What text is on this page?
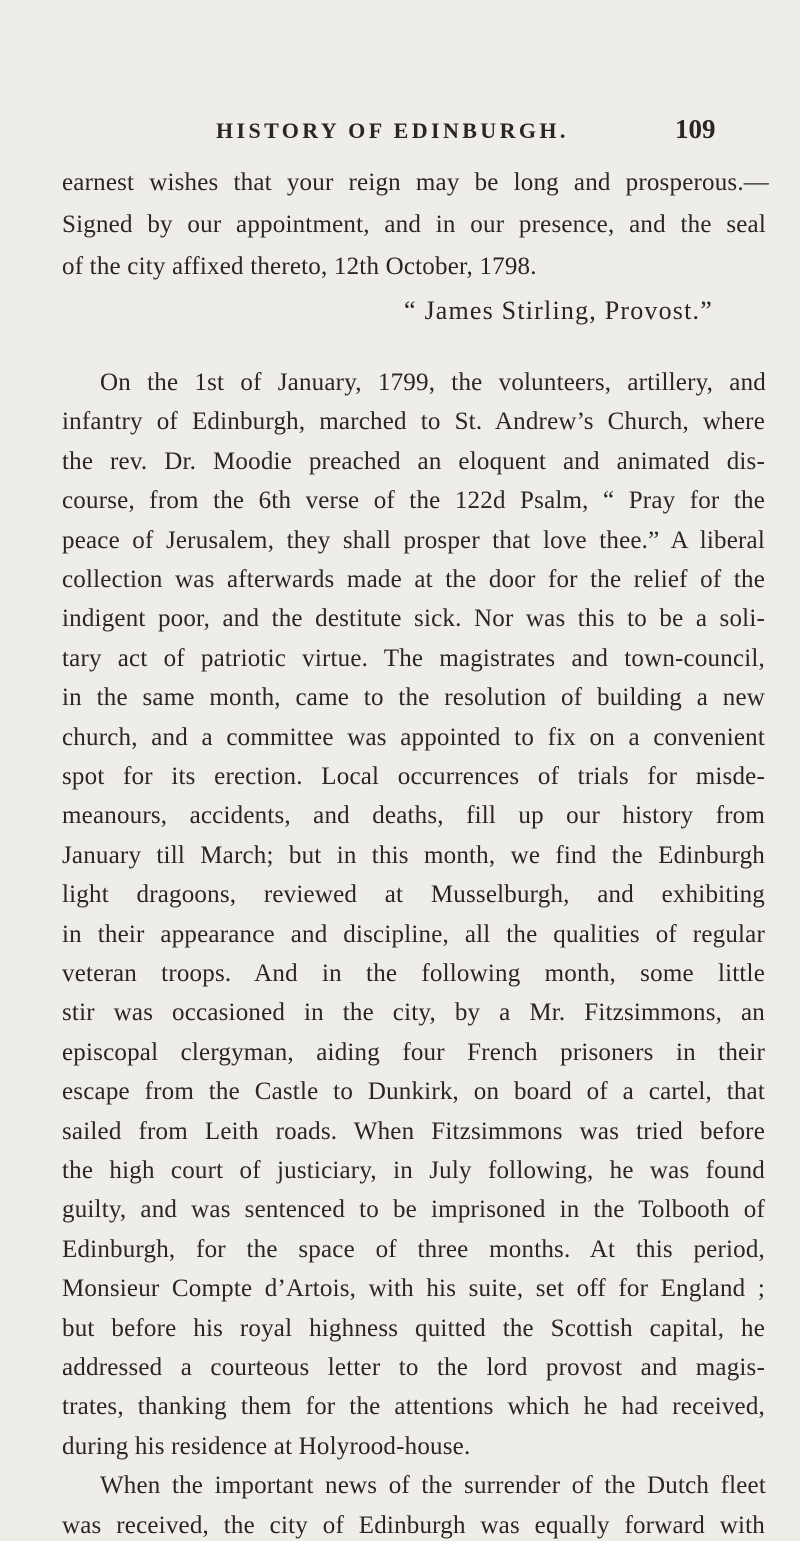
HISTORY OF EDINBURGH.	109
earnest wishes that your reign may be long and prosperous.—
Signed by our appointment, and in our presence, and the seal
of the city affixed thereto, 12th October, 1798.
“ James Stirling, Provost.”
On the 1st of January, 1799, the volunteers, artillery, and
infantry of Edinburgh, marched to St. Andrew’s Church, where
the rev. Dr. Moodie preached an eloquent and animated dis-
course, from the 6th verse of the 122d Psalm, “ Pray for the
peace of Jerusalem, they shall prosper that love thee.” A liberal
collection was afterwards made at the door for the relief of the
indigent poor, and the destitute sick. Nor was this to be a soli-
tary act of patriotic virtue. The magistrates and town-council,
in the same month, came to the resolution of building a new
church, and a committee was appointed to fix on a convenient
spot for its erection. Local occurrences of trials for misde-
meanours, accidents, and deaths, fill up our history from
January till March; but in this month, we find the Edinburgh
light dragoons, reviewed at Musselburgh, and exhibiting
in their appearance and discipline, all the qualities of regular
veteran troops. And in the following month, some little
stir was occasioned in the city, by a Mr. Fitzsimmons, an
episcopal clergyman, aiding four French prisoners in their
escape from the Castle to Dunkirk, on board of a cartel, that
sailed from Leith roads. When Fitzsimmons was tried before
the high court of justiciary, in July following, he was found
guilty, and was sentenced to be imprisoned in the Tolbooth of
Edinburgh, for the space of three months. At this period,
Monsieur Compte d’Artois, with his suite, set off for England ;
but before his royal highness quitted the Scottish capital, he
addressed a courteous letter to the lord provost and magis-
trates, thanking them for the attentions which he had received,
during his residence at Holyrood-house.
When the important news of the surrender of the Dutch fleet
was received, the city of Edinburgh was equally forward with
